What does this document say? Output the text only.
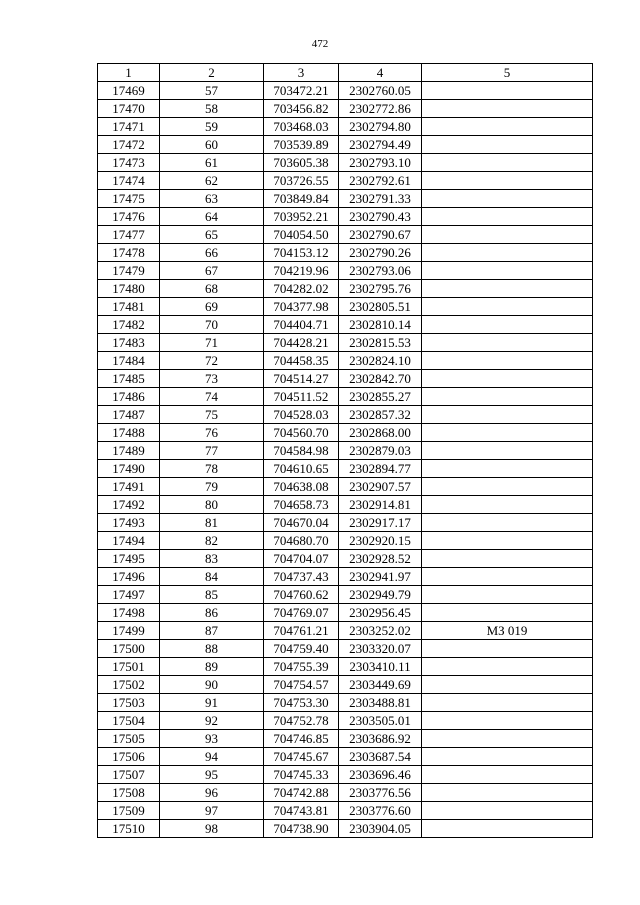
472
1	2	3	4	5
17469	57	703472.21	2302760.05	
17470	58	703456.82	2302772.86	
17471	59	703468.03	2302794.80	
17472	60	703539.89	2302794.49	
17473	61	703605.38	2302793.10	
17474	62	703726.55	2302792.61	
17475	63	703849.84	2302791.33	
17476	64	703952.21	2302790.43	
17477	65	704054.50	2302790.67	
17478	66	704153.12	2302790.26	
17479	67	704219.96	2302793.06	
17480	68	704282.02	2302795.76	
17481	69	704377.98	2302805.51	
17482	70	704404.71	2302810.14	
17483	71	704428.21	2302815.53	
17484	72	704458.35	2302824.10	
17485	73	704514.27	2302842.70	
17486	74	704511.52	2302855.27	
17487	75	704528.03	2302857.32	
17488	76	704560.70	2302868.00	
17489	77	704584.98	2302879.03	
17490	78	704610.65	2302894.77	
17491	79	704638.08	2302907.57	
17492	80	704658.73	2302914.81	
17493	81	704670.04	2302917.17	
17494	82	704680.70	2302920.15	
17495	83	704704.07	2302928.52	
17496	84	704737.43	2302941.97	
17497	85	704760.62	2302949.79	
17498	86	704769.07	2302956.45	
17499	87	704761.21	2303252.02	МЗ 019
17500	88	704759.40	2303320.07	
17501	89	704755.39	2303410.11	
17502	90	704754.57	2303449.69	
17503	91	704753.30	2303488.81	
17504	92	704752.78	2303505.01	
17505	93	704746.85	2303686.92	
17506	94	704745.67	2303687.54	
17507	95	704745.33	2303696.46	
17508	96	704742.88	2303776.56	
17509	97	704743.81	2303776.60	
17510	98	704738.90	2303904.05	
